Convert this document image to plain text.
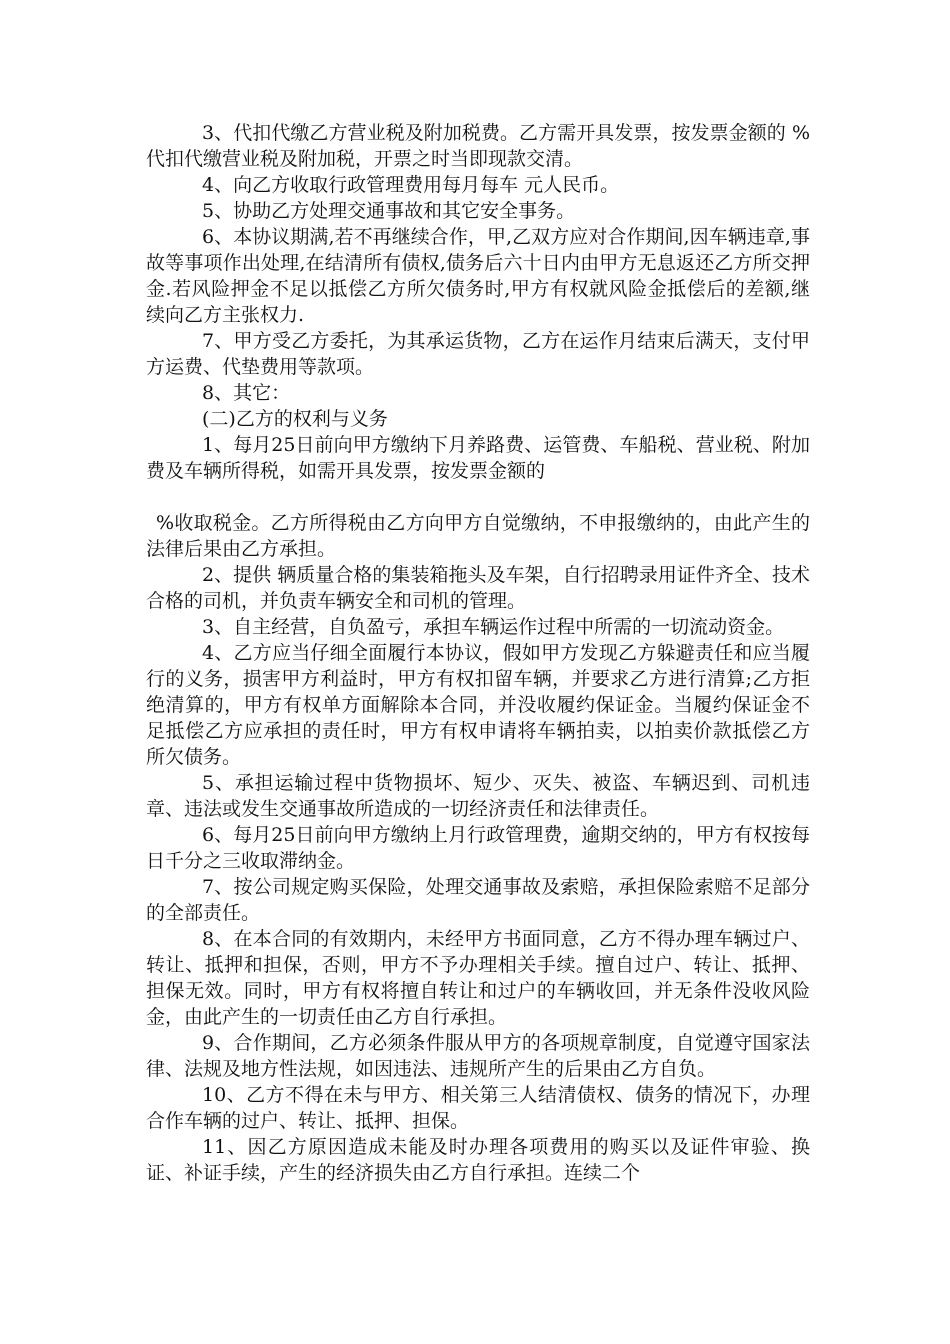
3、代扣代缴乙方营业税及附加税费。乙方需开具发票，按发票金额的 %代扣代缴营业税及附加税，开票之时当即现款交清。

4、向乙方收取行政管理费用每月每车 元人民币。

5、协助乙方处理交通事故和其它安全事务。

6、本协议期满,若不再继续合作，甲,乙双方应对合作期间,因车辆违章,事故等事项作出处理,在结清所有债权,债务后六十日内由甲方无息返还乙方所交押金.若风险押金不足以抵偿乙方所欠债务时,甲方有权就风险金抵偿后的差额,继续向乙方主张权力.

7、甲方受乙方委托，为其承运货物，乙方在运作月结束后满天，支付甲方运费、代垫费用等款项。

8、其它：

(二)乙方的权利与义务

1、每月25日前向甲方缴纳下月养路费、运管费、车船税、营业税、附加费及车辆所得税，如需开具发票，按发票金额的

%收取税金。乙方所得税由乙方向甲方自觉缴纳，不申报缴纳的，由此产生的法律后果由乙方承担。

2、提供 辆质量合格的集装箱拖头及车架，自行招聘录用证件齐全、技术合格的司机，并负责车辆安全和司机的管理。

3、自主经营，自负盈亏，承担车辆运作过程中所需的一切流动资金。

4、乙方应当仔细全面履行本协议，假如甲方发现乙方躲避责任和应当履行的义务，损害甲方利益时，甲方有权扣留车辆，并要求乙方进行清算;乙方拒绝清算的，甲方有权单方面解除本合同，并没收履约保证金。当履约保证金不足抵偿乙方应承担的责任时，甲方有权申请将车辆拍卖，以拍卖价款抵偿乙方所欠债务。

5、承担运输过程中货物损坏、短少、灭失、被盗、车辆迟到、司机违章、违法或发生交通事故所造成的一切经济责任和法律责任。

6、每月25日前向甲方缴纳上月行政管理费，逾期交纳的，甲方有权按每日千分之三收取滞纳金。

7、按公司规定购买保险，处理交通事故及索赔，承担保险索赔不足部分的全部责任。

8、在本合同的有效期内，未经甲方书面同意，乙方不得办理车辆过户、转让、抵押和担保，否则，甲方不予办理相关手续。擅自过户、转让、抵押、担保无效。同时，甲方有权将擅自转让和过户的车辆收回，并无条件没收风险金，由此产生的一切责任由乙方自行承担。

9、合作期间，乙方必须条件服从甲方的各项规章制度，自觉遵守国家法律、法规及地方性法规，如因违法、违规所产生的后果由乙方自负。

10、乙方不得在未与甲方、相关第三人结清债权、债务的情况下，办理合作车辆的过户、转让、抵押、担保。

11、因乙方原因造成未能及时办理各项费用的购买以及证件审验、换证、补证手续，产生的经济损失由乙方自行承担。连续二个
